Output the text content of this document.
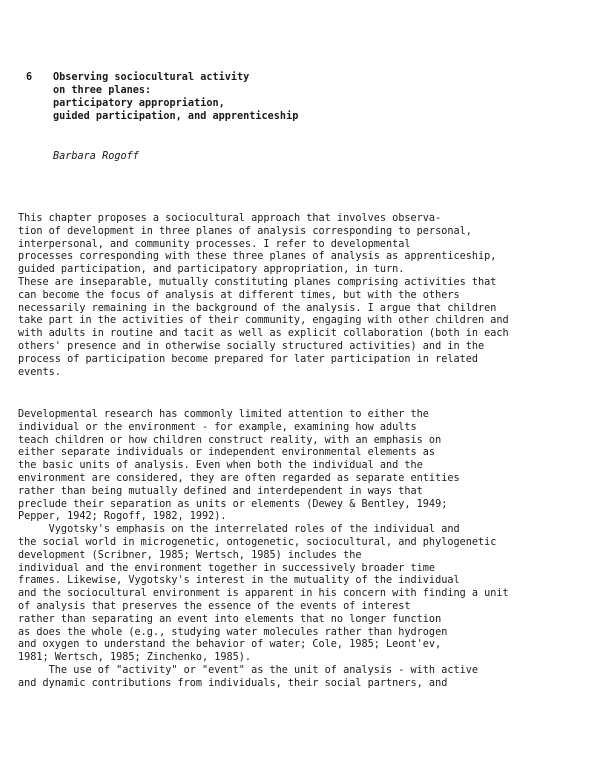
6 Observing sociocultural activity
on three planes:
participatory appropriation,
guided participation, and apprenticeship
Barbara Rogoff
This chapter proposes a sociocultural approach that involves observa-
tion of development in three planes of analysis corresponding to personal,
interpersonal, and community processes. I refer to developmental
processes corresponding with these three planes of analysis as apprenticeship,
guided participation, and participatory appropriation, in turn.
These are inseparable, mutually constituting planes comprising activities that
can become the focus of analysis at different times, but with the others
necessarily remaining in the background of the analysis. I argue that children
take part in the activities of their community, engaging with other children and
with adults in routine and tacit as well as explicit collaboration (both in each
others' presence and in otherwise socially structured activities) and in the
process of participation become prepared for later participation in related
events.
Developmental research has commonly limited attention to either the
individual or the environment - for example, examining how adults
teach children or how children construct reality, with an emphasis on
either separate individuals or independent environmental elements as
the basic units of analysis. Even when both the individual and the
environment are considered, they are often regarded as separate entities
rather than being mutually defined and interdependent in ways that
preclude their separation as units or elements (Dewey & Bentley, 1949;
Pepper, 1942; Rogoff, 1982, 1992).
Vygotsky's emphasis on the interrelated roles of the individual and
the social world in microgenetic, ontogenetic, sociocultural, and phylogenetic
development (Scribner, 1985; Wertsch, 1985) includes the
individual and the environment together in successively broader time
frames. Likewise, Vygotsky's interest in the mutuality of the individual
and the sociocultural environment is apparent in his concern with finding a unit
of analysis that preserves the essence of the events of interest
rather than separating an event into elements that no longer function
as does the whole (e.g., studying water molecules rather than hydrogen
and oxygen to understand the behavior of water; Cole, 1985; Leont'ev,
1981; Wertsch, 1985; Zinchenko, 1985).
The use of "activity" or "event" as the unit of analysis - with active
and dynamic contributions from individuals, their social partners, and
